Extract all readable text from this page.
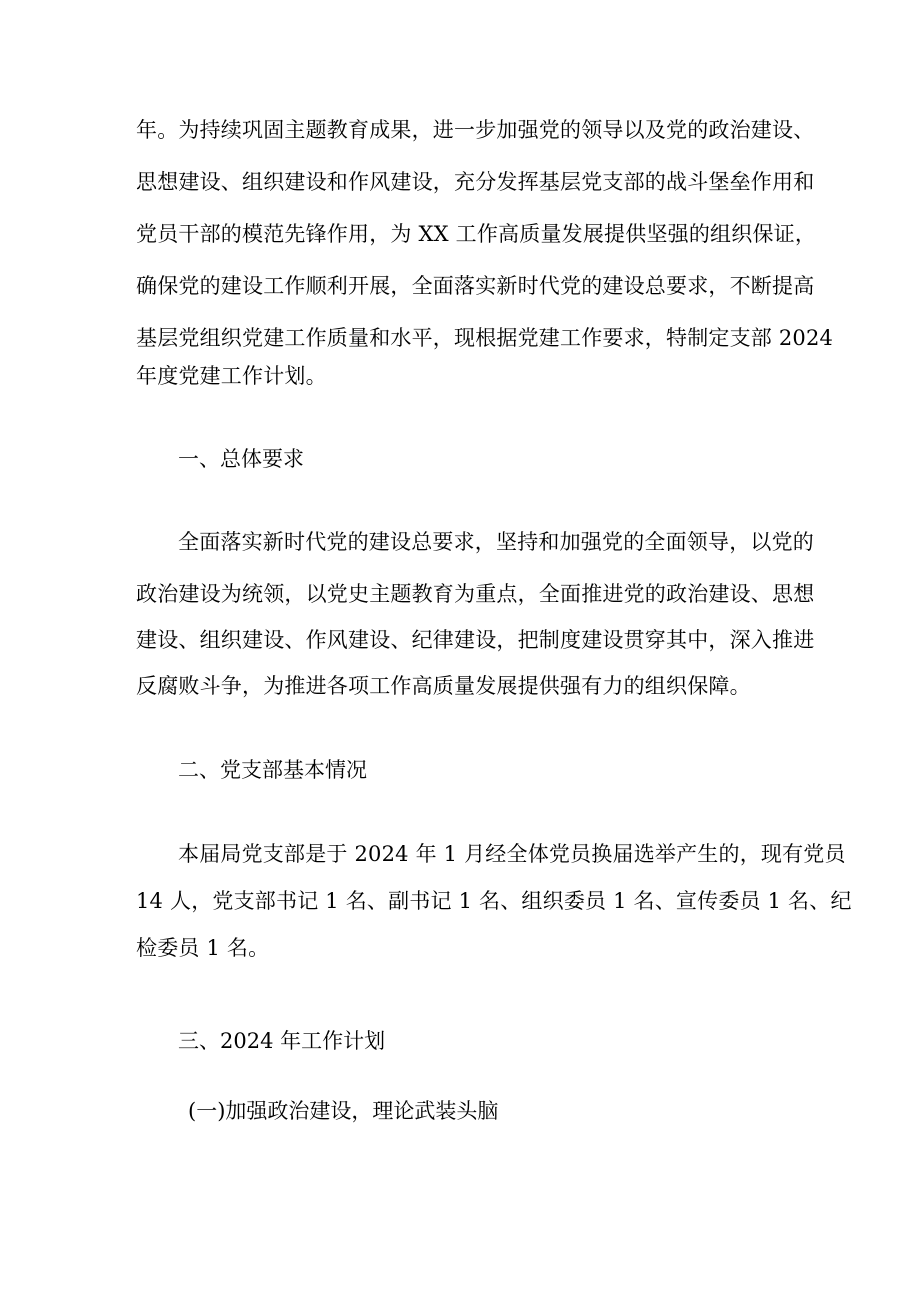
年。为持续巩固主题教育成果，进一步加强党的领导以及党的政治建设、
思想建设、组织建设和作风建设，充分发挥基层党支部的战斗堡垒作用和
党员干部的模范先锋作用，为 XX 工作高质量发展提供坚强的组织保证，
确保党的建设工作顺利开展，全面落实新时代党的建设总要求，不断提高
基层党组织党建工作质量和水平，现根据党建工作要求，特制定支部 2024
年度党建工作计划。
一、总体要求
全面落实新时代党的建设总要求，坚持和加强党的全面领导，以党的
政治建设为统领，以党史主题教育为重点，全面推进党的政治建设、思想
建设、组织建设、作风建设、纪律建设，把制度建设贯穿其中，深入推进
反腐败斗争，为推进各项工作高质量发展提供强有力的组织保障。
二、党支部基本情况
本届局党支部是于 2024 年 1 月经全体党员换届选举产生的，现有党员
14 人，党支部书记 1 名、副书记 1 名、组织委员 1 名、宣传委员 1 名、纪
检委员 1 名。
三、2024 年工作计划
(一)加强政治建设，理论武装头脑
